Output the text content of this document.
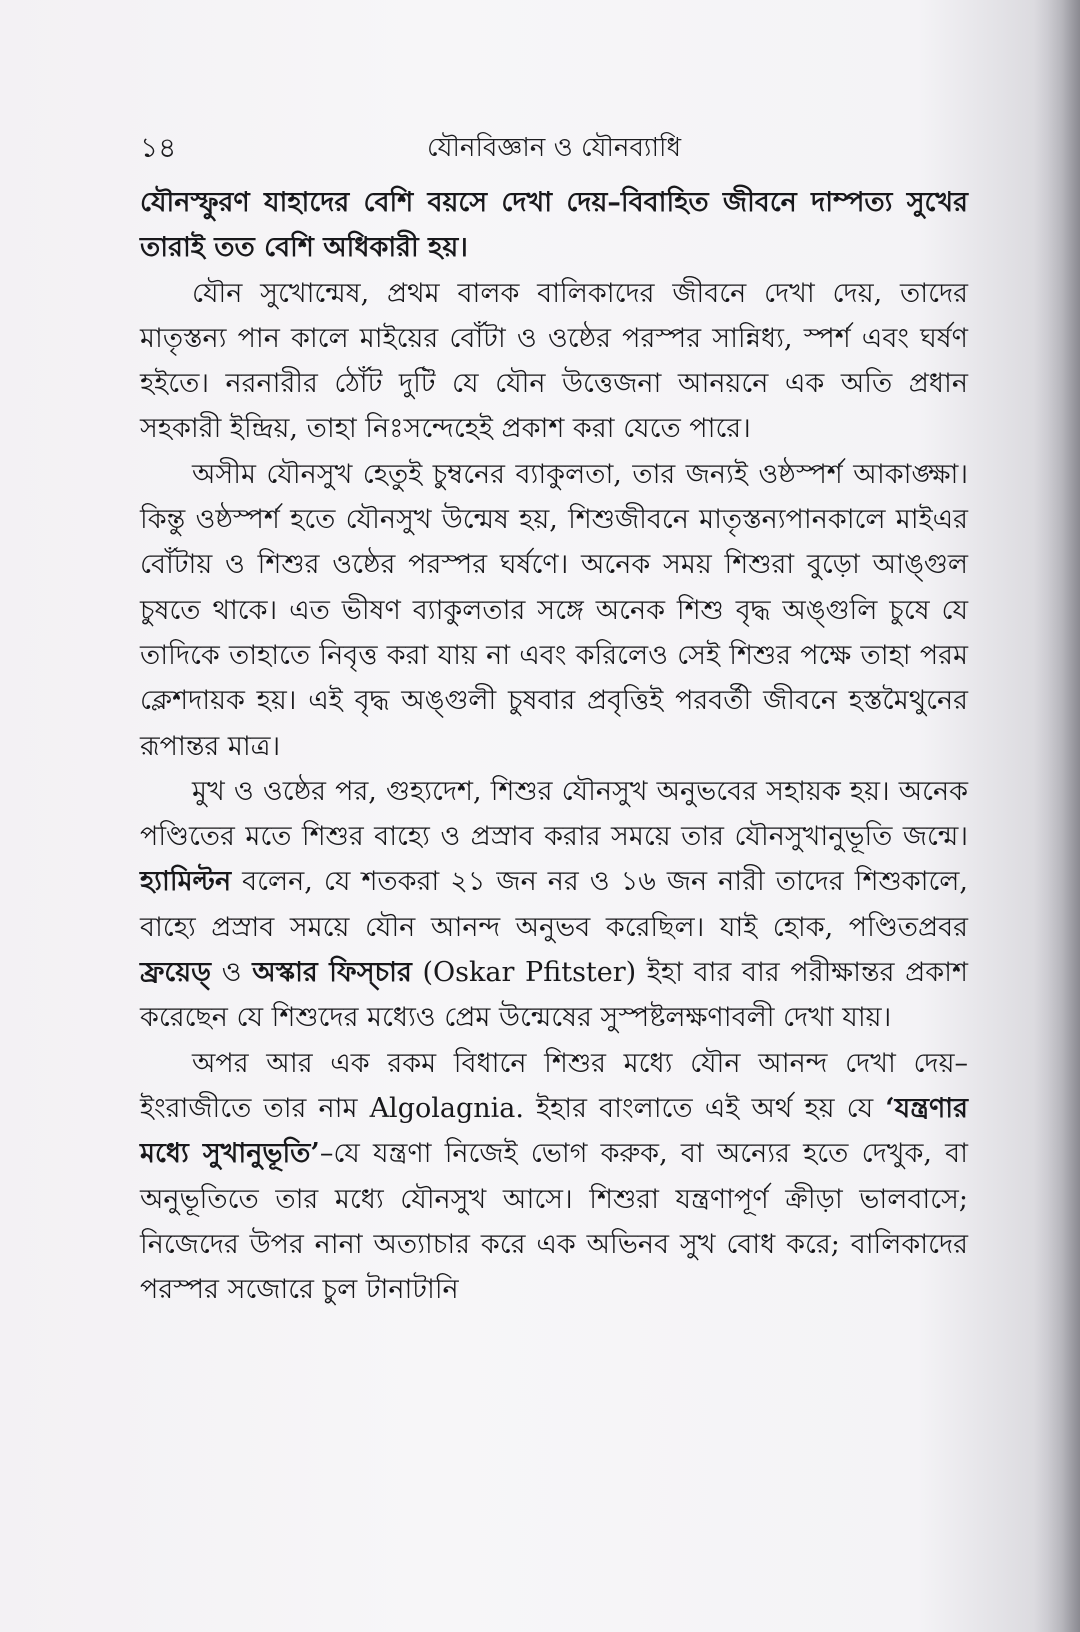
১৪	যৌনবিজ্ঞান ও যৌনব্যাধি

যৌনস্ফুরণ যাহাদের বেশি বয়সে দেখা দেয়–বিবাহিত জীবনে দাম্পত্য সুখের তারাই তত বেশি অধিকারী হয়।

যৌন সুখোন্মেষ, প্রথম বালক বালিকাদের জীবনে দেখা দেয়, তাদের মাতৃস্তন্য পান কালে মাইয়ের বোঁটা ও ওষ্ঠের পরস্পর সান্নিধ্য, স্পর্শ এবং ঘর্ষণ হইতে। নরনারীর ঠোঁট দুটি যে যৌন উত্তেজনা আনয়নে এক অতি প্রধান সহকারী ইন্দ্রিয়, তাহা নিঃসন্দেহেই প্রকাশ করা যেতে পারে।

অসীম যৌনসুখ হেতুই চুম্বনের ব্যাকুলতা, তার জন্যই ওষ্ঠস্পর্শ আকাঙ্ক্ষা। কিন্তু ওষ্ঠস্পর্শ হতে যৌনসুখ উন্মেষ হয়, শিশুজীবনে মাতৃস্তন্যপানকালে মাইএর বোঁটায় ও শিশুর ওষ্ঠের পরস্পর ঘর্ষণে। অনেক সময় শিশুরা বুড়ো আঙ্গুল চুষতে থাকে। এত ভীষণ ব্যাকুলতার সঙ্গে অনেক শিশু বৃদ্ধ অঙ্গুলি চুষে যে তাদিকে তাহাতে নিবৃত্ত করা যায় না এবং করিলেও সেই শিশুর পক্ষে তাহা পরম ক্লেশদায়ক হয়। এই বৃদ্ধ অঙ্গুলী চুষবার প্রবৃত্তিই পরবর্তী জীবনে হস্তমৈথুনের রূপান্তর মাত্র।

মুখ ও ওষ্ঠের পর, গুহ্যদেশ, শিশুর যৌনসুখ অনুভবের সহায়ক হয়। অনেক পণ্ডিতের মতে শিশুর বাহ্যে ও প্রস্রাব করার সময়ে তার যৌনসুখানুভূতি জন্মে। হ্যামিল্টন বলেন, যে শতকরা ২১ জন নর ও ১৬ জন নারী তাদের শিশুকালে, বাহ্যে প্রস্রাব সময়ে যৌন আনন্দ অনুভব করেছিল। যাই হোক, পণ্ডিতপ্রবর ফ্রয়েড্ ও অস্কার ফিস্চার (Oskar Pfitster) ইহা বার বার পরীক্ষান্তর প্রকাশ করেছেন যে শিশুদের মধ্যেও প্রেম উন্মেষের সুস্পষ্টলক্ষণাবলী দেখা যায়।

অপর আর এক রকম বিধানে শিশুর মধ্যে যৌন আনন্দ দেখা দেয়–ইংরাজীতে তার নাম Algolagnia. ইহার বাংলাতে এই অর্থ হয় যে ‘যন্ত্রণার মধ্যে সুখানুভূতি’–যে যন্ত্রণা নিজেই ভোগ করুক, বা অন্যের হতে দেখুক, বা অনুভূতিতে তার মধ্যে যৌনসুখ আসে। শিশুরা যন্ত্রণাপূর্ণ ক্রীড়া ভালবাসে; নিজেদের উপর নানা অত্যাচার করে এক অভিনব সুখ বোধ করে; বালিকাদের পরস্পর সজোরে চুল টানাটানি
